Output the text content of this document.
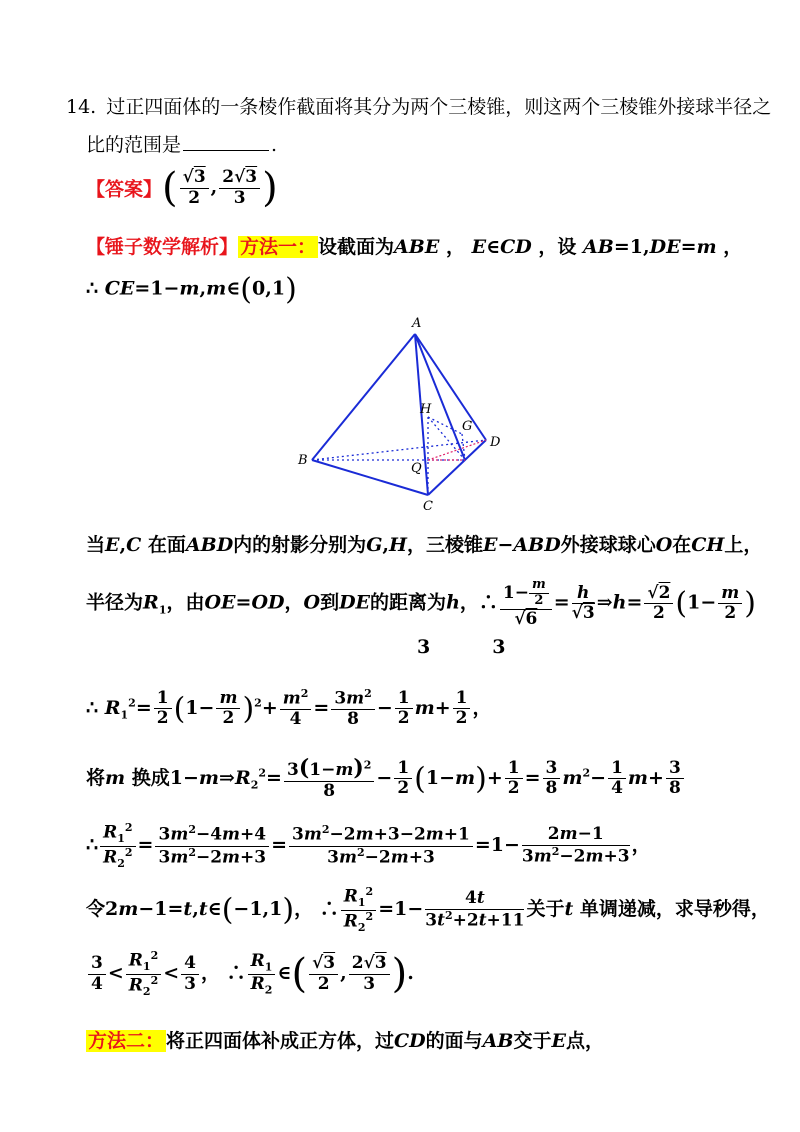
14. 过正四面体的一条棱作截面将其分为两个三棱锥，则这两个三棱锥外接球半径之
比的范围是	.
【答案】( $\frac{√3}{2}$ , $\frac{2√3}{3}$ )
【锤子数学解析】 方法一： 设截面为ABE ， E∈CD ，设 AB=1,DE=m ，
∴ CE=1−m,m∈(0,1)
A
B
C
D
H
G
Q
当E,C 在面ABD内的射影分别为G,H，三棱锥E−ABD外接球球心O在CH上，
半径为$R_1$，由OE=OD，O到DE的距离为h，∴ $\frac{1- \frac{m}{2}}{√6} = \frac{h}{√3}$ ⇒h= $\frac{√2}{2} (1- \frac{m}{2}$ )
3	3
∴ $R_1^2= \frac{1}{2} (1- \frac{m}{2} )^2+ \frac{m^2}{4} = \frac{3m^2}{8} - \frac{1}{2} m+ \frac{1}{2}$ ，
将m 换成$1-m\Rightarrow R_2^2= \frac{3(1-m)^2}{8} - \frac{1}{2} (1-m)+ \frac{1}{2} = \frac{3}{8} m^2- \frac{1}{4} m+ \frac{3}{8}$
∴ $\frac{R_1^2}{R_2^2} = \frac{3m^2-4m+4}{3m^2-2m+3} = \frac{3m^2-2m+3-2m+1}{3m^2-2m+3} =1- \frac{2m-1}{3m^2-2m+3}$ ，
令2m−1=t,t∈(−1,1)， ∴ $\frac{R_1^2}{R_2^2} =1- \frac{4t}{3t^2+2t+11}$ 关于t 单调递减，求导秒得，
$\frac{3}{4} < \frac{R_1^2}{R_2^2} < \frac{4}{3}$ ， ∴ $\frac{R_1}{R_2}$ ∈( $\frac{√3}{2}$ , $\frac{2√3}{3}$ ).
方法二： 将正四面体补成正方体，过CD的面与AB交于E点，
